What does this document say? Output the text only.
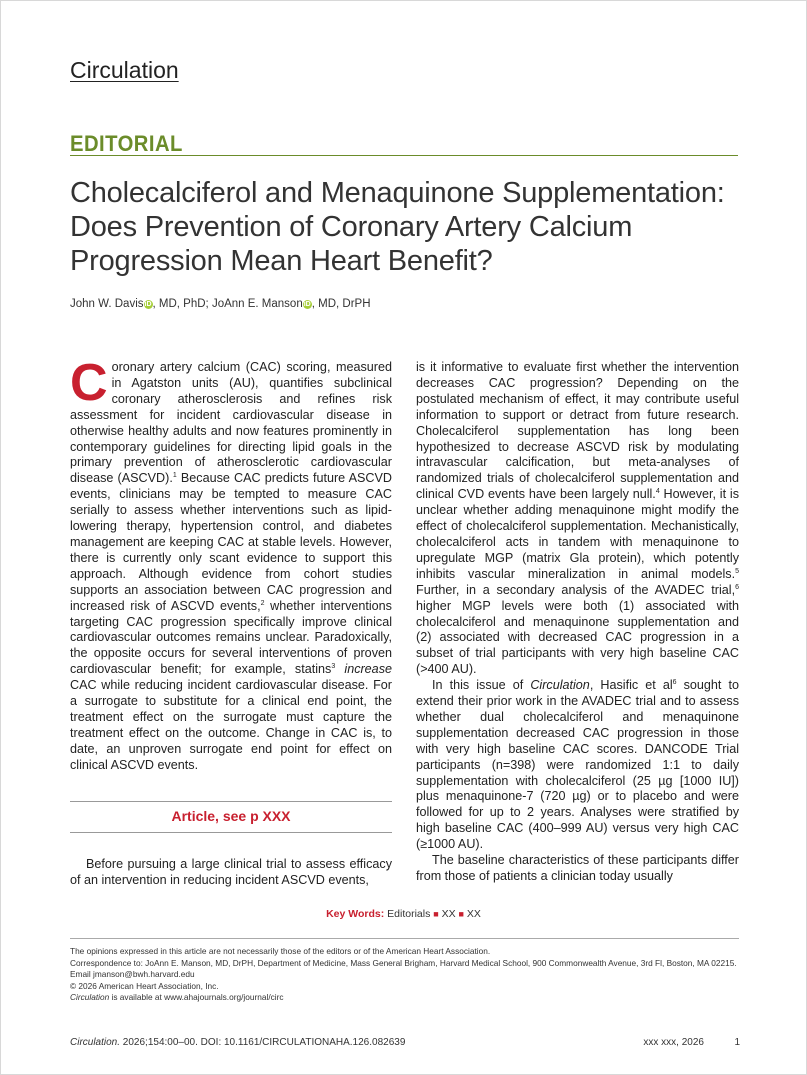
Circulation
EDITORIAL
Cholecalciferol and Menaquinone Supplementation: Does Prevention of Coronary Artery Calcium Progression Mean Heart Benefit?
John W. DavisiD, MD, PhD; JoAnn E. MansoniD, MD, DrPH

Coronary artery calcium (CAC) scoring, measured in Agatston units (AU), quantifies subclinical coronary atherosclerosis and refines risk assessment for incident cardiovascular disease in otherwise healthy adults and now features prominently in contemporary guidelines for directing lipid goals in the primary prevention of atherosclerotic cardiovascular disease (ASCVD).$^1$ Because CAC predicts future ASCVD events, clinicians may be tempted to measure CAC serially to assess whether interventions such as lipid-lowering therapy, hypertension control, and diabetes management are keeping CAC at stable levels. However, there is currently only scant evidence to support this approach. Although evidence from cohort studies supports an association between CAC progression and increased risk of ASCVD events,$^2$ whether interventions targeting CAC progression specifically improve clinical cardiovascular outcomes remains unclear. Paradoxically, the opposite occurs for several interventions of proven cardiovascular benefit; for example, statins$^3$ increase CAC while reducing incident cardiovascular disease. For a surrogate to substitute for a clinical end point, the treatment effect on the surrogate must capture the treatment effect on the outcome. Change in CAC is, to date, an unproven surrogate end point for effect on clinical ASCVD events.

Article, see p XXX

Before pursuing a large clinical trial to assess efficacy of an intervention in reducing incident ASCVD events,

is it informative to evaluate first whether the intervention decreases CAC progression? Depending on the postulated mechanism of effect, it may contribute useful information to support or detract from future research. Cholecalciferol supplementation has long been hypothesized to decrease ASCVD risk by modulating intravascular calcification, but meta-analyses of randomized trials of cholecalciferol supplementation and clinical CVD events have been largely null.$^4$ However, it is unclear whether adding menaquinone might modify the effect of cholecalciferol supplementation. Mechanistically, cholecalciferol acts in tandem with menaquinone to upregulate MGP (matrix Gla protein), which potently inhibits vascular mineralization in animal models.$^5$ Further, in a secondary analysis of the AVADEC trial,$^6$ higher MGP levels were both (1) associated with cholecalciferol and menaquinone supplementation and (2) associated with decreased CAC progression in a subset of trial participants with very high baseline CAC (>400 AU).

In this issue of Circulation, Hasific et $al^6$ sought to extend their prior work in the AVADEC trial and to assess whether dual cholecalciferol and menaquinone supplementation decreased CAC progression in those with very high baseline CAC scores. DANCODE Trial participants (n=398) were randomized 1:1 to daily supplementation with cholecalciferol (25 µg [1000 IU]) plus menaquinone-7 (720 µg) or to placebo and were followed for up to 2 years. Analyses were stratified by high baseline CAC (400–999 AU) versus very high CAC (≥1000 AU).

The baseline characteristics of these participants differ from those of patients a clinician today usually

Key Words: Editorials ■ XX ■ XX
The opinions expressed in this article are not necessarily those of the editors or of the American Heart Association.
Correspondence to: JoAnn E. Manson, MD, DrPH, Department of Medicine, Mass General Brigham, Harvard Medical School, 900 Commonwealth Avenue, 3rd Fl, Boston, MA 02215. Email jmanson@bwh.harvard.edu
© 2026 American Heart Association, Inc.
Circulation is available at www.ahajournals.org/journal/circ
Circulation. 2026;154:00–00. DOI: 10.1161/CIRCULATIONAHA.126.082639	xxx xxx, 2026	1
